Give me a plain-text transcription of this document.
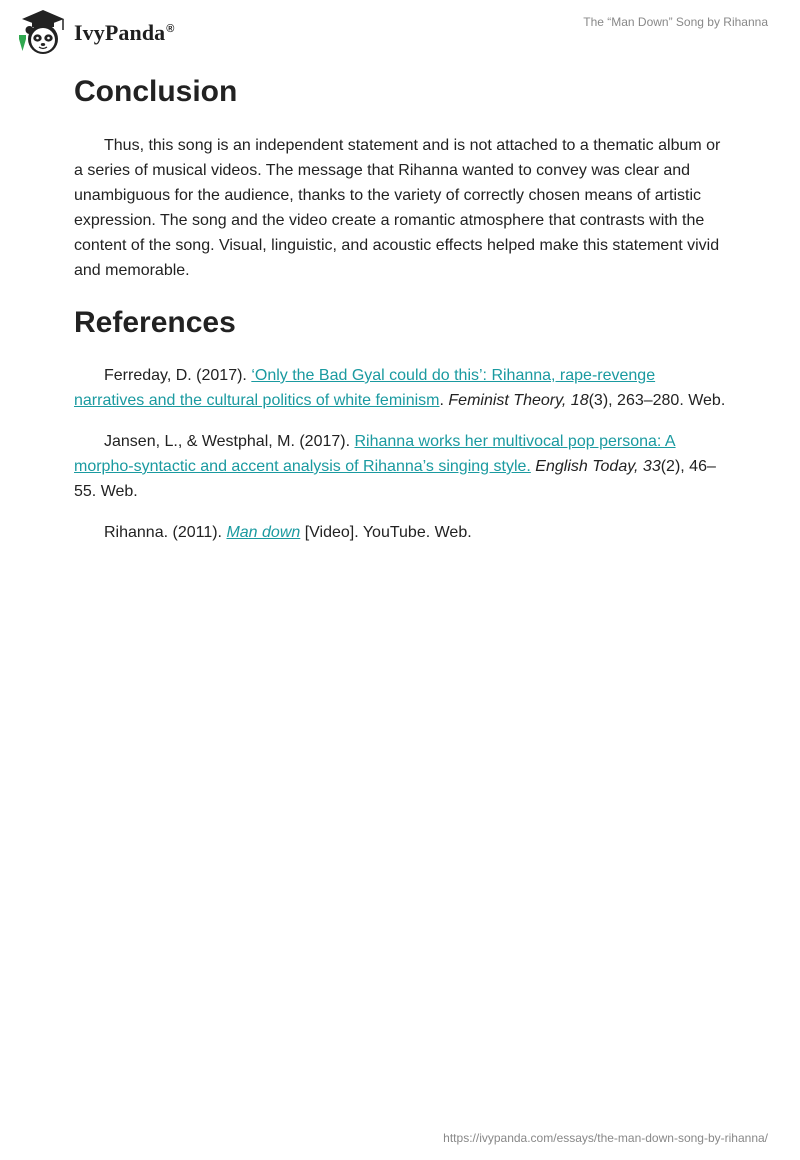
IvyPanda®	The “Man Down” Song by Rihanna
Conclusion

Thus, this song is an independent statement and is not attached to a thematic album or a series of musical videos. The message that Rihanna wanted to convey was clear and unambiguous for the audience, thanks to the variety of correctly chosen means of artistic expression. The song and the video create a romantic atmosphere that contrasts with the content of the song. Visual, linguistic, and acoustic effects helped make this statement vivid and memorable.

References

Ferreday, D. (2017). ‘Only the Bad Gyal could do this’: Rihanna, rape-revenge narratives and the cultural politics of white feminism. Feminist Theory, 18(3), 263–280. Web.

Jansen, L., & Westphal, M. (2017). Rihanna works her multivocal pop persona: A morpho-syntactic and accent analysis of Rihanna’s singing style. English Today, 33(2), 46–55. Web.

Rihanna. (2011). Man down [Video]. YouTube. Web.

https://ivypanda.com/essays/the-man-down-song-by-rihanna/
